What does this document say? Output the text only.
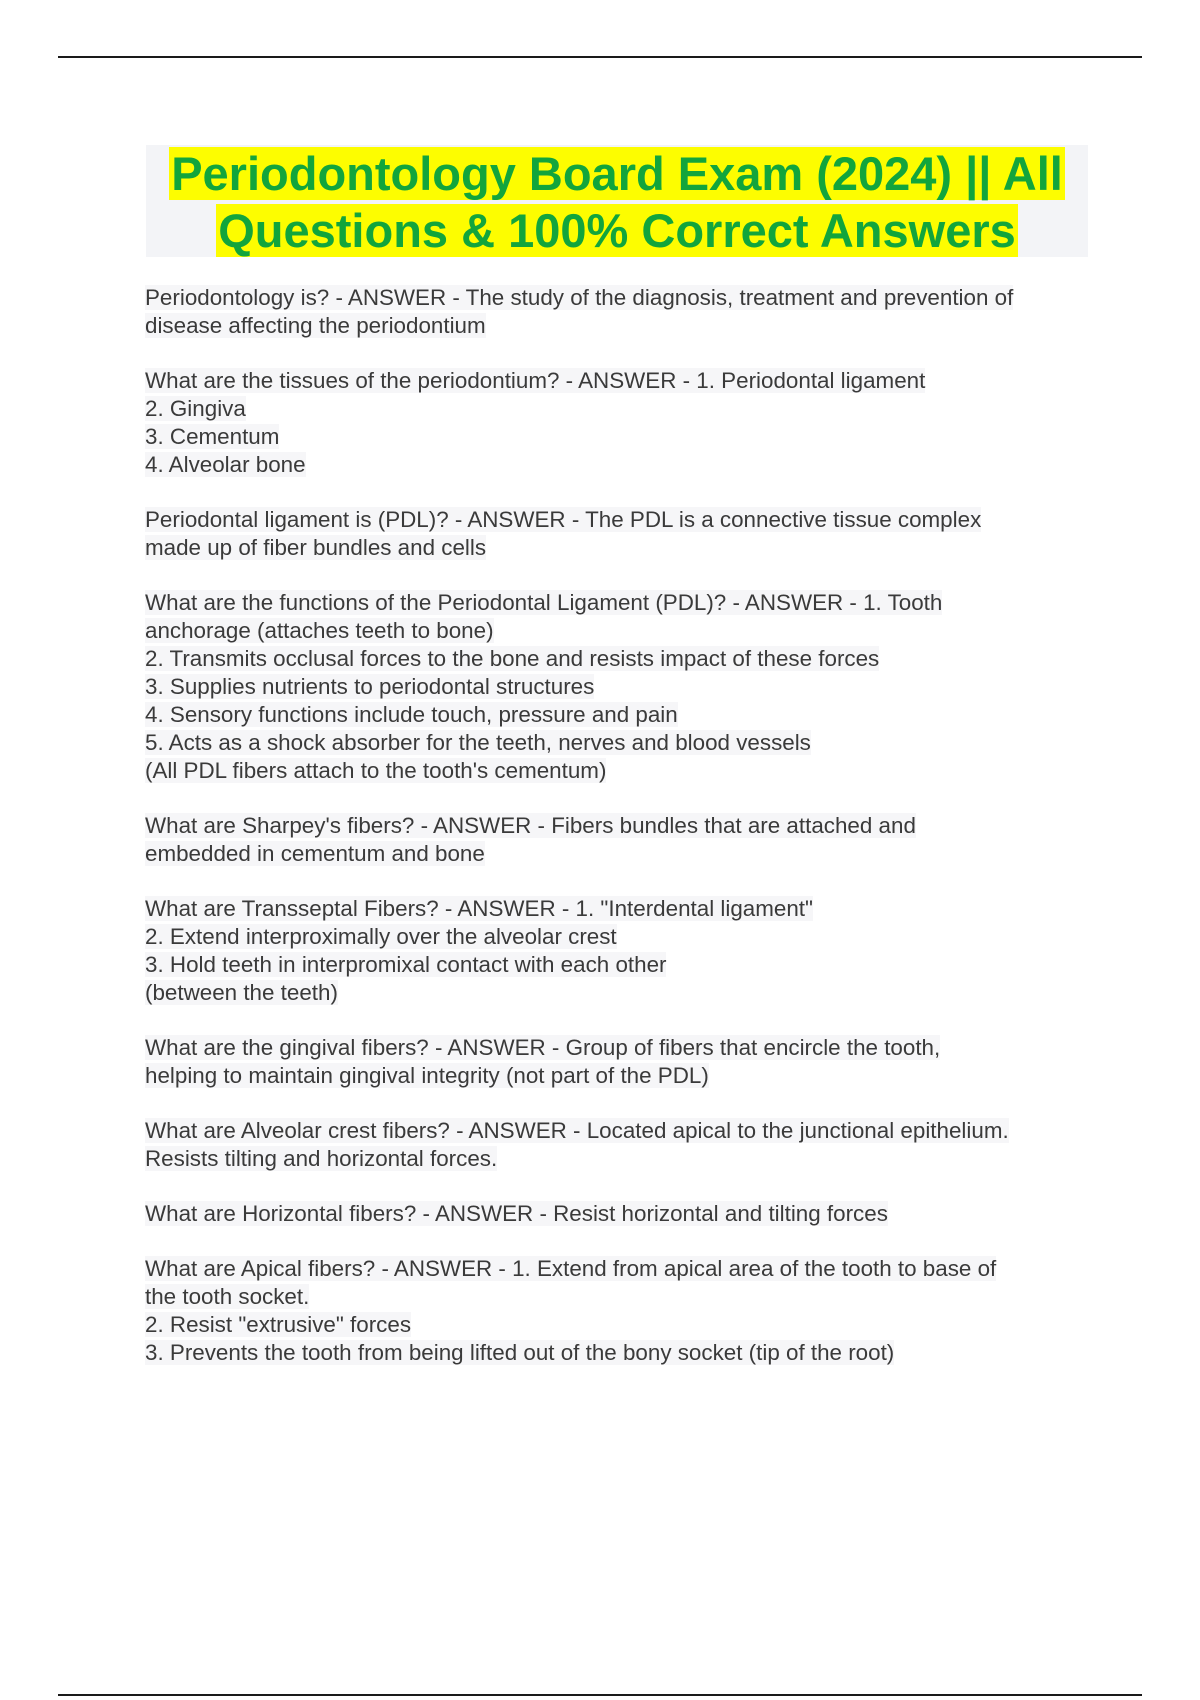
Periodontology Board Exam (2024) || All
Questions & 100% Correct Answers
Periodontology is? - ANSWER - The study of the diagnosis, treatment and prevention of
disease affecting the periodontium
What are the tissues of the periodontium? - ANSWER - 1. Periodontal ligament
2. Gingiva
3. Cementum
4. Alveolar bone
Periodontal ligament is (PDL)? - ANSWER - The PDL is a connective tissue complex
made up of fiber bundles and cells
What are the functions of the Periodontal Ligament (PDL)? - ANSWER - 1. Tooth
anchorage (attaches teeth to bone)
2. Transmits occlusal forces to the bone and resists impact of these forces
3. Supplies nutrients to periodontal structures
4. Sensory functions include touch, pressure and pain
5. Acts as a shock absorber for the teeth, nerves and blood vessels
(All PDL fibers attach to the tooth's cementum)
What are Sharpey's fibers? - ANSWER - Fibers bundles that are attached and
embedded in cementum and bone
What are Transseptal Fibers? - ANSWER - 1. "Interdental ligament"
2. Extend interproximally over the alveolar crest
3. Hold teeth in interpromixal contact with each other
(between the teeth)
What are the gingival fibers? - ANSWER - Group of fibers that encircle the tooth,
helping to maintain gingival integrity (not part of the PDL)
What are Alveolar crest fibers? - ANSWER - Located apical to the junctional epithelium.
Resists tilting and horizontal forces.
What are Horizontal fibers? - ANSWER - Resist horizontal and tilting forces
What are Apical fibers? - ANSWER - 1. Extend from apical area of the tooth to base of
the tooth socket.
2. Resist "extrusive" forces
3. Prevents the tooth from being lifted out of the bony socket (tip of the root)
